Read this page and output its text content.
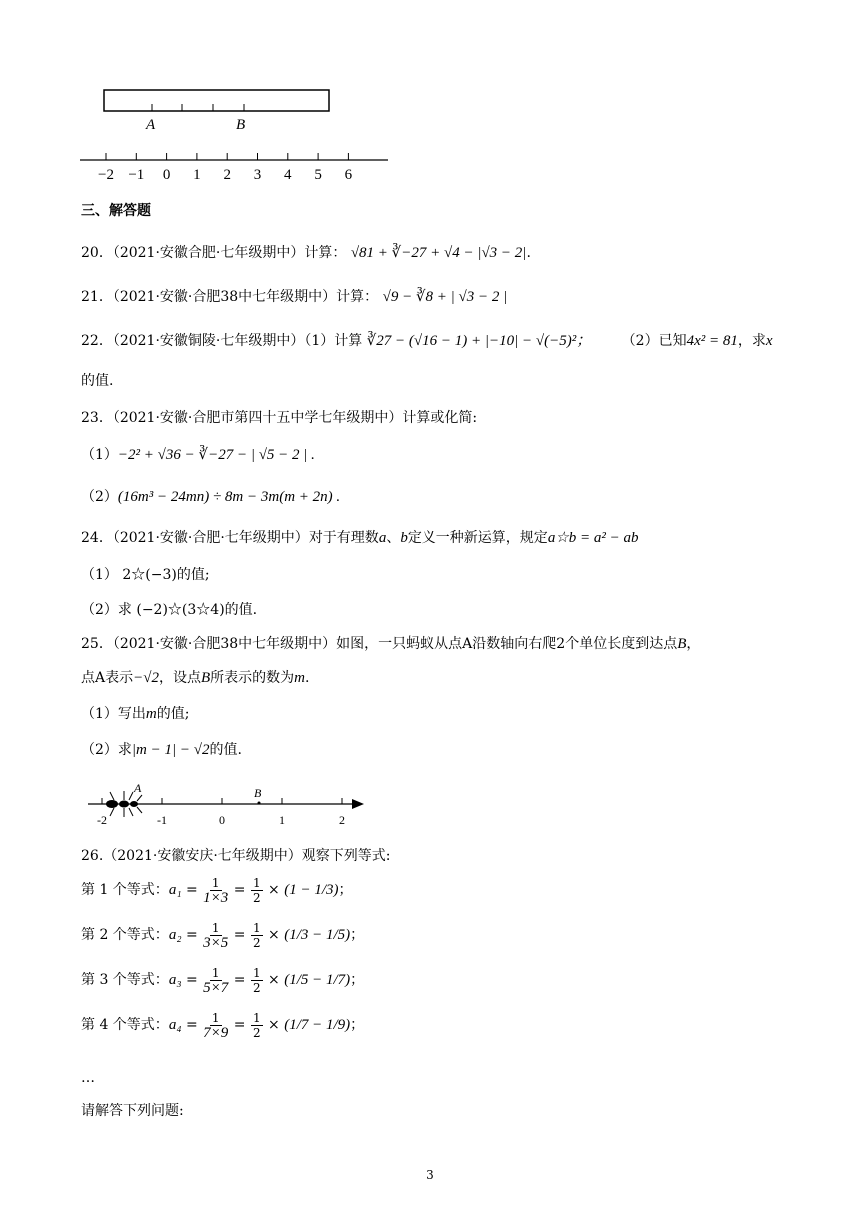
A	B
−2 −1 0 1 2 3 4 5 6
三、解答题
20．（2021·安徽合肥·七年级期中）计算： √81 + ∛−27 + √4 − |√3 − 2|.
21．（2021·安徽·合肥38中七年级期中）计算： √9 − ∛8 + | √3 − 2 |
22．（2021·安徽铜陵·七年级期中）（1）计算 ∛27 − (√16 − 1) + |−10| − √(−5)²； （2）已知4x² = 81，求x
的值.
23．（2021·安徽·合肥市第四十五中学七年级期中）计算或化简:
（1）−2² + √36 − ∛−27 − | √5 − 2 | .
（2）(16m³ − 24mn) ÷ 8m − 3m(m + 2n) .
24．（2021·安徽·合肥·七年级期中）对于有理数a、b定义一种新运算，规定a☆b = a² − ab
（1） 2☆(−3)的值;
（2）求 (−2)☆(3☆4)的值.
25．（2021·安徽·合肥38中七年级期中）如图，一只蚂蚁从点A沿数轴向右爬2个单位长度到达点B，
点A表示−√2，设点B所表示的数为m.
（1）写出m的值;
（2）求|m − 1| − √2的值.
A	B
-2	-1	0	1	2
26.（2021·安徽安庆·七年级期中）观察下列等式:
第 1 个等式：$a_1 = \frac{1}{1\times 3} = \frac{1}{2} \times (1 - 1/3)$；
第 2 个等式：$a_2 = \frac{1}{3\times 5} = \frac{1}{2} \times (1/3 - 1/5)$；
第 3 个等式：$a_3 = \frac{1}{5\times 7} = \frac{1}{2} \times (1/5 - 1/7)$；
第 4 个等式：$a_4 = \frac{1}{7\times 9} = \frac{1}{2} \times (1/7 - 1/9)$；
…
请解答下列问题:
3
